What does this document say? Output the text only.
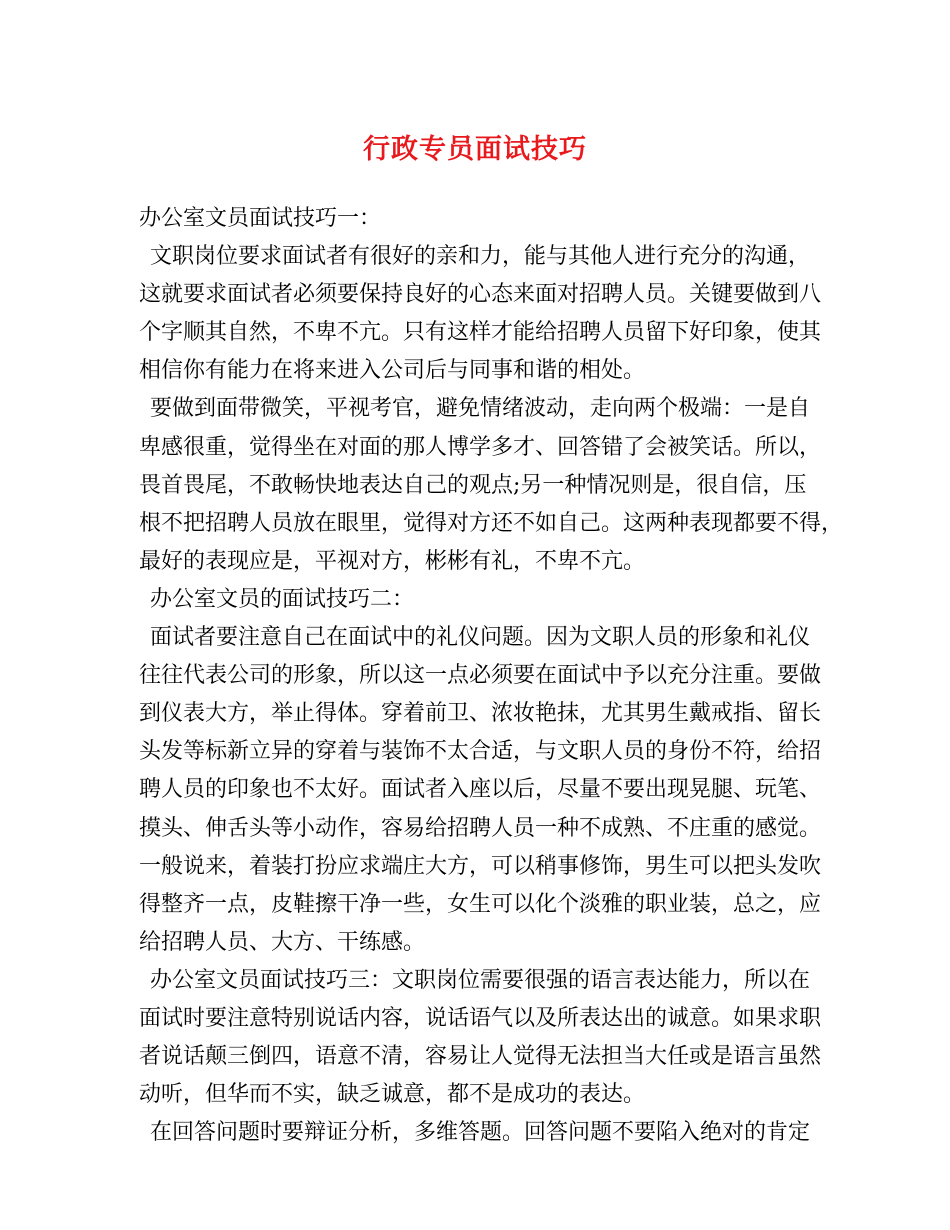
行政专员面试技巧
办公室文员面试技巧一：
文职岗位要求面试者有很好的亲和力，能与其他人进行充分的沟通，
这就要求面试者必须要保持良好的心态来面对招聘人员。关键要做到八
个字顺其自然，不卑不亢。只有这样才能给招聘人员留下好印象，使其
相信你有能力在将来进入公司后与同事和谐的相处。
要做到面带微笑，平视考官，避免情绪波动，走向两个极端：一是自
卑感很重，觉得坐在对面的那人博学多才、回答错了会被笑话。所以，
畏首畏尾，不敢畅快地表达自己的观点;另一种情况则是，很自信，压
根不把招聘人员放在眼里，觉得对方还不如自己。这两种表现都要不得，
最好的表现应是，平视对方，彬彬有礼，不卑不亢。
办公室文员的面试技巧二：
面试者要注意自己在面试中的礼仪问题。因为文职人员的形象和礼仪
往往代表公司的形象，所以这一点必须要在面试中予以充分注重。要做
到仪表大方，举止得体。穿着前卫、浓妆艳抹，尤其男生戴戒指、留长
头发等标新立异的穿着与装饰不太合适，与文职人员的身份不符，给招
聘人员的印象也不太好。面试者入座以后，尽量不要出现晃腿、玩笔、
摸头、伸舌头等小动作，容易给招聘人员一种不成熟、不庄重的感觉。
一般说来，着装打扮应求端庄大方，可以稍事修饰，男生可以把头发吹
得整齐一点，皮鞋擦干净一些，女生可以化个淡雅的职业装，总之，应
给招聘人员、大方、干练感。
办公室文员面试技巧三：文职岗位需要很强的语言表达能力，所以在
面试时要注意特别说话内容，说话语气以及所表达出的诚意。如果求职
者说话颠三倒四，语意不清，容易让人觉得无法担当大任或是语言虽然
动听，但华而不实，缺乏诚意，都不是成功的表达。
在回答问题时要辩证分析，多维答题。回答问题不要陷入绝对的肯定
